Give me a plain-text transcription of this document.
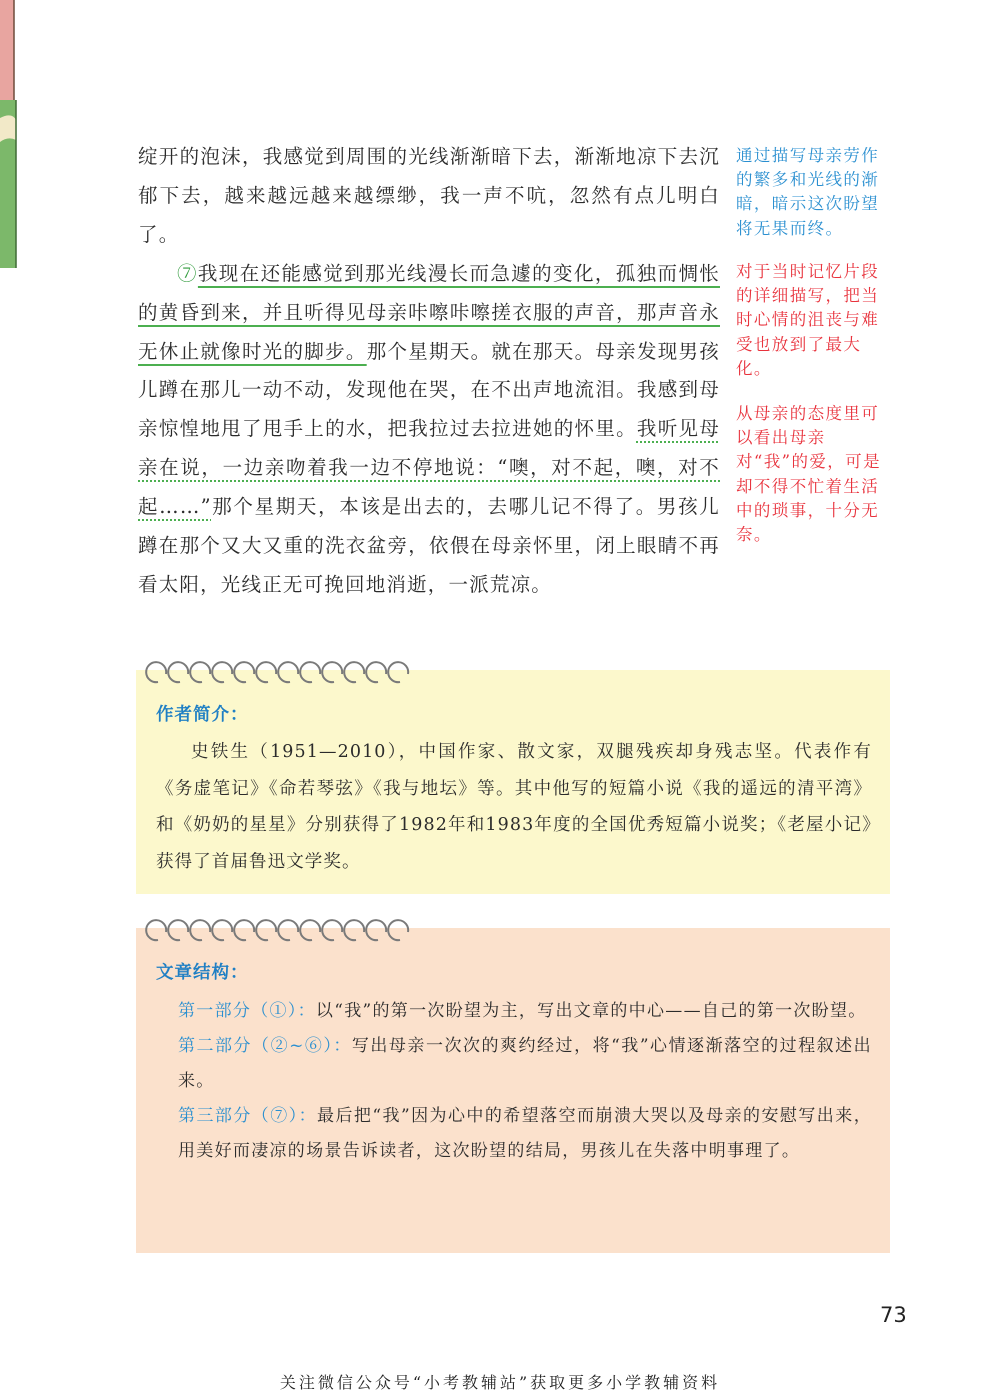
绽开的泡沫，我感觉到周围的光线渐渐暗下去，渐渐地凉下去沉郁下去，越来越远越来越缥缈，我一声不吭，忽然有点儿明白了。

⑦我现在还能感觉到那光线漫长而急遽的变化，孤独而惆怅的黄昏到来，并且听得见母亲咔嚓咔嚓搓衣服的声音，那声音永无休止就像时光的脚步。那个星期天。就在那天。母亲发现男孩儿蹲在那儿一动不动，发现他在哭，在不出声地流泪。我感到母亲惊惶地甩了甩手上的水，把我拉过去拉进她的怀里。我听见母亲在说，一边亲吻着我一边不停地说：“噢，对不起，噢，对不起……”那个星期天，本该是出去的，去哪儿记不得了。男孩儿蹲在那个又大又重的洗衣盆旁，依偎在母亲怀里，闭上眼睛不再看太阳，光线正无可挽回地消逝，一派荒凉。

通过描写母亲劳作的繁多和光线的渐暗，暗示这次盼望将无果而终。
对于当时记忆片段的详细描写，把当时心情的沮丧与难受也放到了最大化。
从母亲的态度里可以看出母亲对“我”的爱，可是却不得不忙着生活中的琐事，十分无奈。
作者简介：

史铁生（1951—2010），中国作家、散文家，双腿残疾却身残志坚。代表作有《务虚笔记》《命若琴弦》《我与地坛》等。其中他写的短篇小说《我的遥远的清平湾》和《奶奶的星星》分别获得了1982年和1983年度的全国优秀短篇小说奖；《老屋小记》获得了首届鲁迅文学奖。

文章结构：

第一部分（①）：以“我”的第一次盼望为主，写出文章的中心——自己的第一次盼望。

第二部分（②~⑥）：写出母亲一次次的爽约经过，将“我”心情逐渐落空的过程叙述出来。

第三部分（⑦）：最后把“我”因为心中的希望落空而崩溃大哭以及母亲的安慰写出来，用美好而凄凉的场景告诉读者，这次盼望的结局，男孩儿在失落中明事理了。

73
关注微信公众号“小考教辅站”获取更多小学教辅资料
